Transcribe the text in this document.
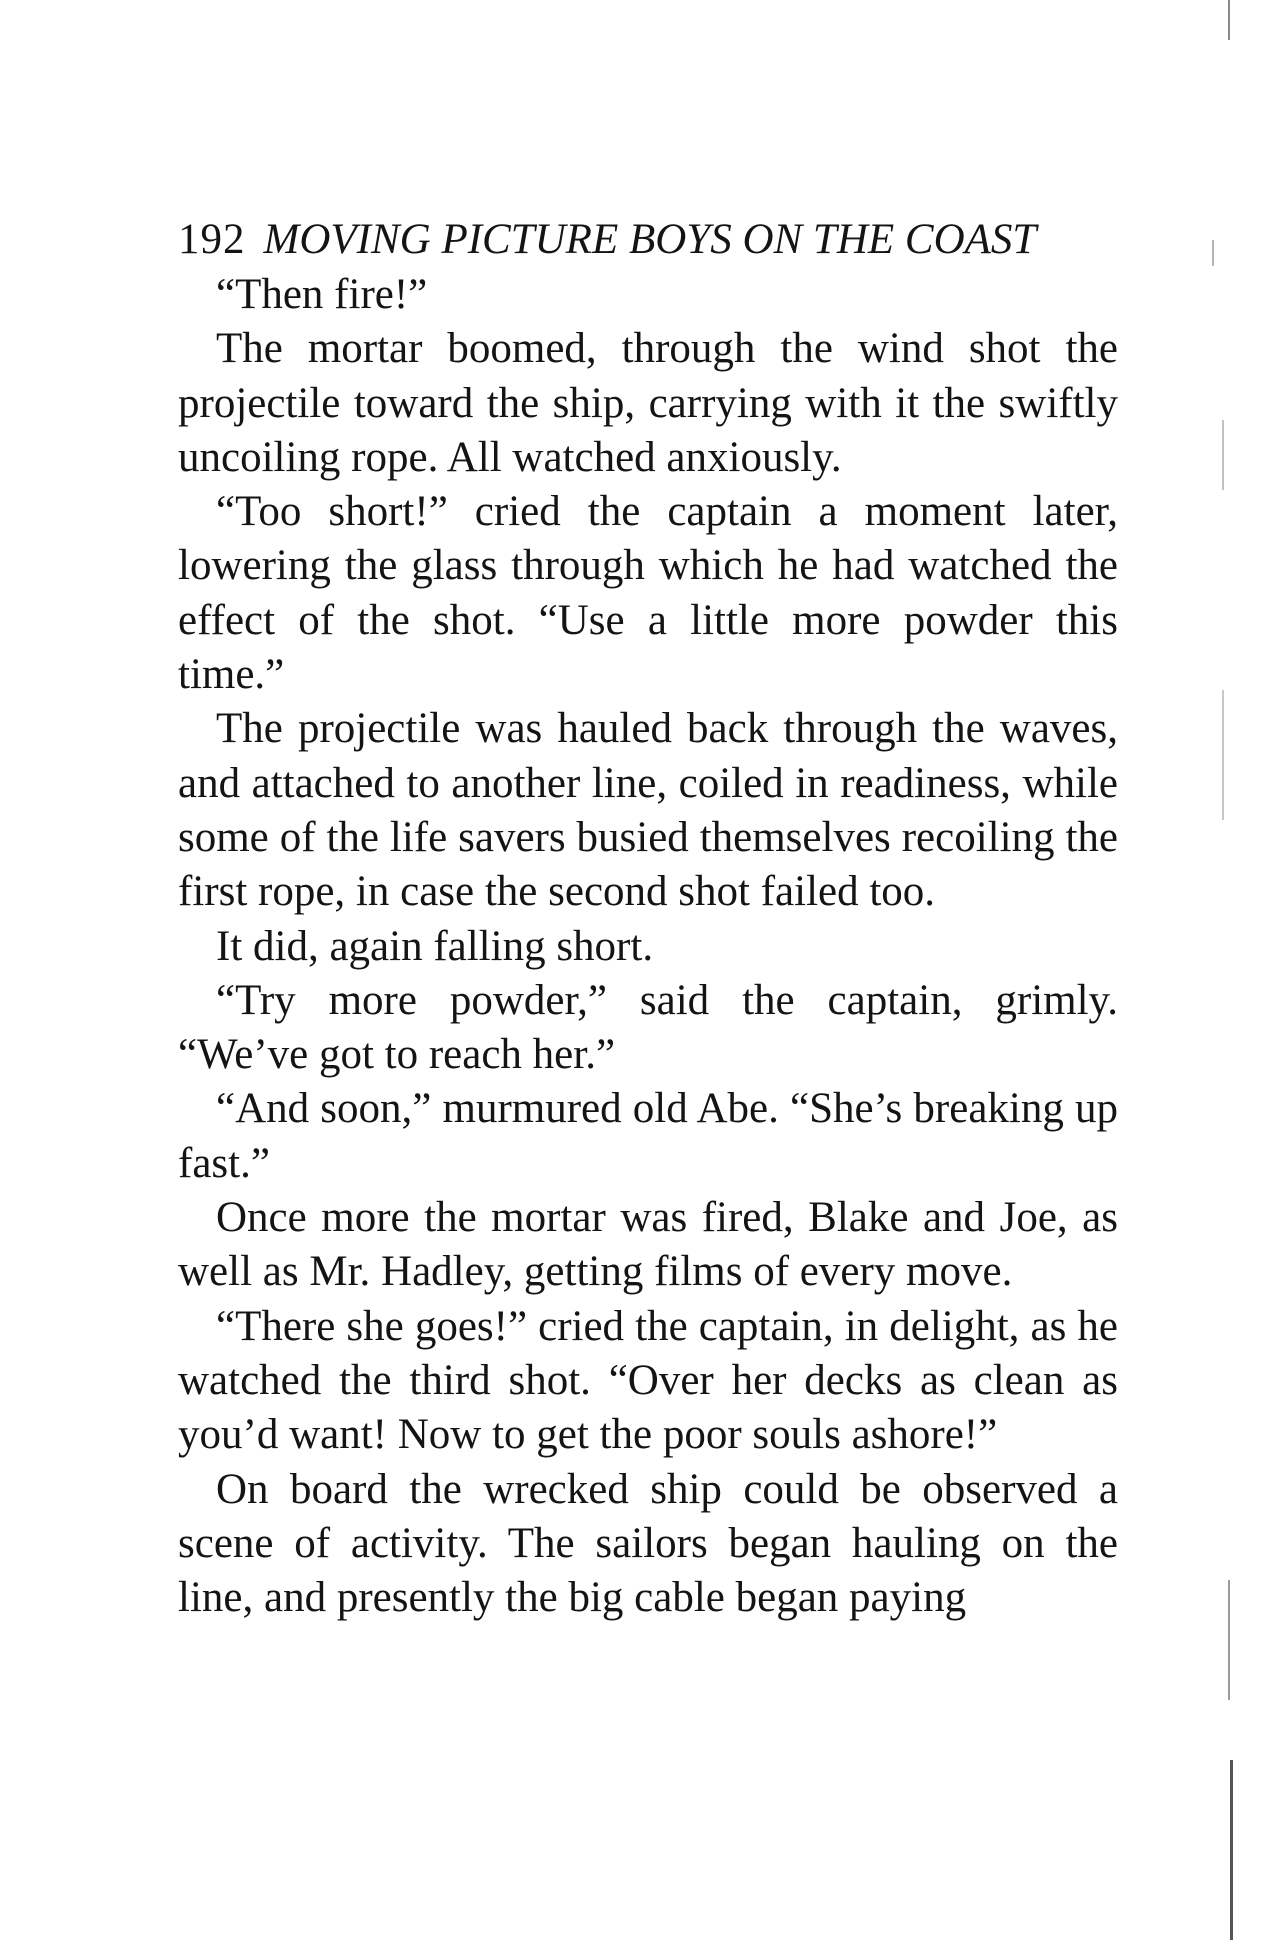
192 MOVING PICTURE BOYS ON THE COAST

“Then fire!”

The mortar boomed, through the wind shot the projectile toward the ship, carrying with it the swiftly uncoiling rope. All watched anxiously.

“Too short!” cried the captain a moment later, lowering the glass through which he had watched the effect of the shot. “Use a little more powder this time.”

The projectile was hauled back through the waves, and attached to another line, coiled in readiness, while some of the life savers busied themselves recoiling the first rope, in case the second shot failed too.

It did, again falling short.

“Try more powder,” said the captain, grimly. “We’ve got to reach her.”

“And soon,” murmured old Abe. “She’s breaking up fast.”

Once more the mortar was fired, Blake and Joe, as well as Mr. Hadley, getting films of every move.

“There she goes!” cried the captain, in delight, as he watched the third shot. “Over her decks as clean as you’d want! Now to get the poor souls ashore!”

On board the wrecked ship could be observed a scene of activity. The sailors began hauling on the line, and presently the big cable began paying
